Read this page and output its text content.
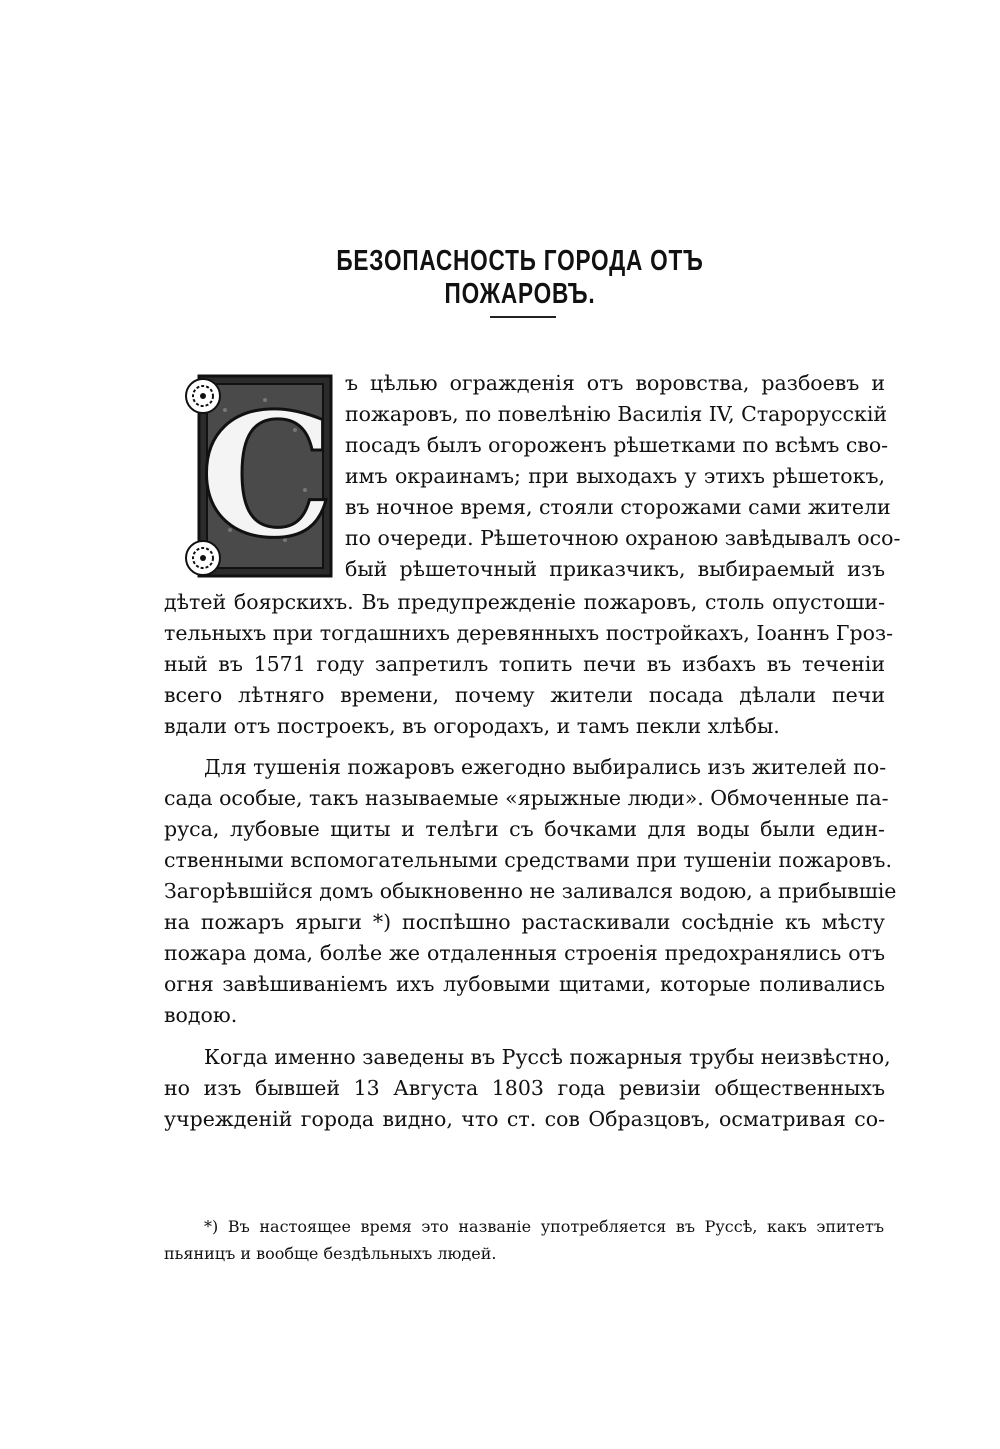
БЕЗОПАСНОСТЬ ГОРОДА ОТЪ ПОЖАРОВЪ.
С ъ цѣлью огражденія отъ воровства, разбоевъ и
пожаровъ, по повелѣнію Василія IV, Старорусскій
посадъ былъ огороженъ рѣшетками по всѣмъ сво-
имъ окраинамъ; при выходахъ у этихъ рѣшетокъ,
въ ночное время, стояли сторожами сами жители
по очереди. Рѣшеточною охраною завѣдывалъ осо-
бый рѣшеточный приказчикъ, выбираемый изъ
дѣтей боярскихъ. Въ предупрежденіе пожаровъ, столь опустоши-
тельныхъ при тогдашнихъ деревянныхъ постройкахъ, Іоаннъ Гроз-
ный въ 1571 году запретилъ топить печи въ избахъ въ теченіи
всего лѣтняго времени, почему жители посада дѣлали печи
вдали отъ построекъ, въ огородахъ, и тамъ пекли хлѣбы.
Для тушенія пожаровъ ежегодно выбирались изъ жителей по-
сада особые, такъ называемые «ярыжные люди». Обмоченные па-
руса, лубовые щиты и телѣги съ бочками для воды были един-
ственными вспомогательными средствами при тушеніи пожаровъ.
Загорѣвшійся домъ обыкновенно не заливался водою, а прибывшіе
на пожаръ ярыги *) поспѣшно растаскивали сосѣдніе къ мѣсту
пожара дома, болѣе же отдаленныя строенія предохранялись отъ
огня завѣшиваніемъ ихъ лубовыми щитами, которые поливались
водою.
Когда именно заведены въ Руссѣ пожарныя трубы неизвѣстно,
но изъ бывшей 13 Августа 1803 года ревизіи общественныхъ
учрежденій города видно, что ст. сов Образцовъ, осматривая со-
*) Въ настоящее время это названіе употребляется въ Руссѣ, какъ эпитетъ
пьяницъ и вообще бездѣльныхъ людей.
